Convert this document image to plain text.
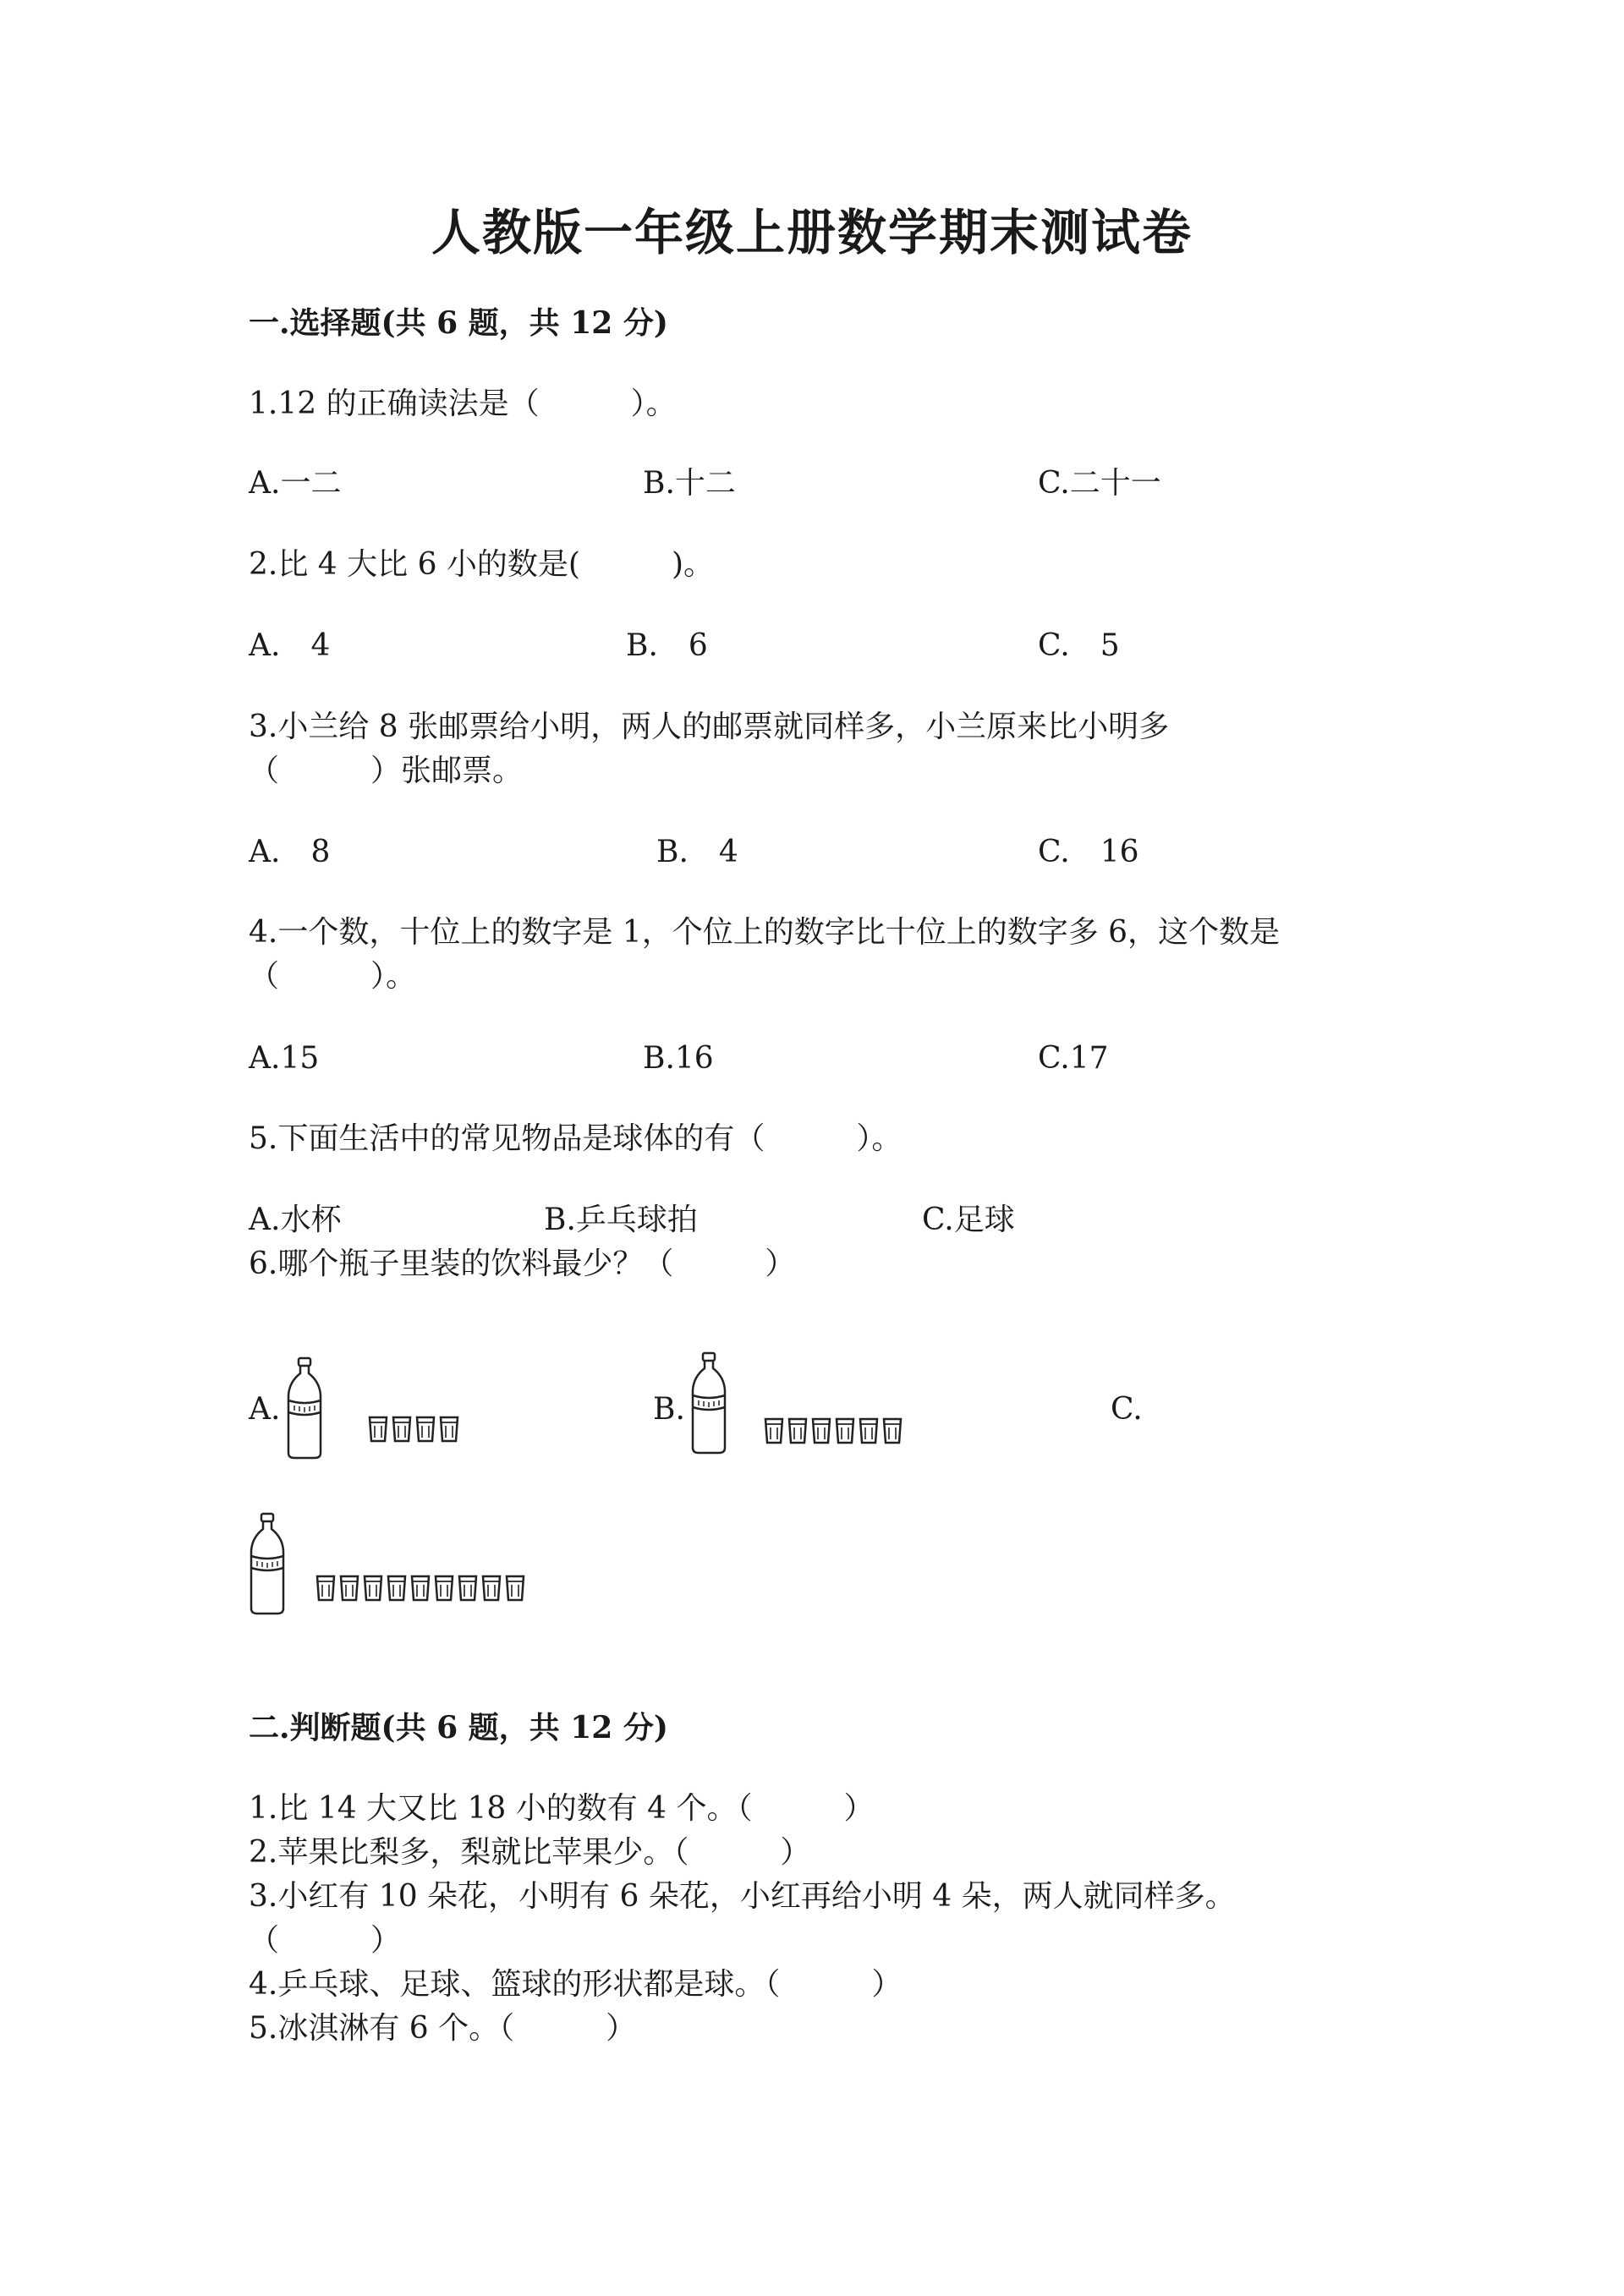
人教版一年级上册数学期末测试卷
一.选择题(共 6 题，共 12 分)
1.12 的正确读法是（　　　）。
A.一二	B.十二	C.二十一
2.比 4 大比 6 小的数是(　　　)。
A.　4	B.　6	C.　5
3.小兰给 8 张邮票给小明，两人的邮票就同样多，小兰原来比小明多
（　　　）张邮票。
A.　8	B.　4	C.　16
4.一个数，十位上的数字是 1，个位上的数字比十位上的数字多 6，这个数是
（　　　）。
A.15	B.16	C.17
5.下面生活中的常见物品是球体的有（　　　）。
A.水杯	B.乒乓球拍	C.足球
6.哪个瓶子里装的饮料最少？（　　　）
A.	B.	C.
二.判断题(共 6 题，共 12 分)
1.比 14 大又比 18 小的数有 4 个。（　　　）
2.苹果比梨多，梨就比苹果少。（　　　）
3.小红有 10 朵花，小明有 6 朵花，小红再给小明 4 朵，两人就同样多。
（　　　）
4.乒乓球、足球、篮球的形状都是球。（　　　）
5.冰淇淋有 6 个。（　　　）
